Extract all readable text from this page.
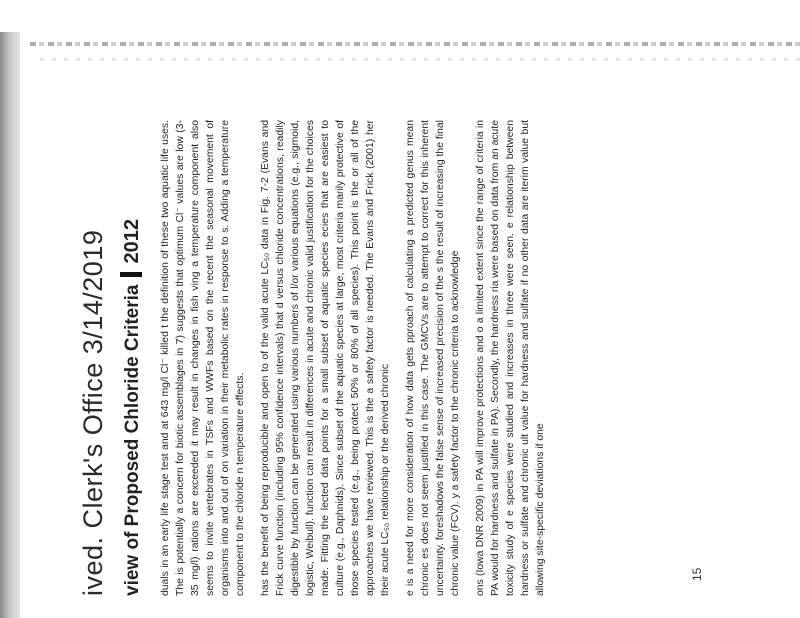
ived. Clerk's Office 3/14/2019 view of Proposed Chloride Criteria2012 duals in an early life stage test and at 643 mg/l Cl⁻ killed t the definition of these two aquatic life uses. The is potentially a concern for biotic assemblages in 7) suggests that optimum Cl⁻ values are low (3-35 mg/l) rations are exceeded it may result in changes in fish ving a temperature component also seems to invite vertebrates in TSFs and WWFs based on the recent the seasonal movement of organisms into and out of on variation in their metabolic rates in response to s. Adding a temperature component to the chloride n temperature effects. has the benefit of being reproducible and open to of the valid acute LC₅₀ data in Fig. 7-2 (Evans and Frick curve function (including 95% confidence intervals) that d versus chloride concentrations, readily digestible by function can be generated using various numbers of l/or various equations (e.g., sigmoid, logistic, Weibull). function can result in differences in acute and chronic valid justification for the choices made. Fitting the lected data points for a small subset of aquatic species ecies that are easiest to culture (e.g., Daphnids). Since subset of the aquatic species at large, most criteria marily protective of those species tested (e.g., being protect 50% or 80% of all species). This point is the or all of the approaches we have reviewed. This is the a safety factor is needed. The Evans and Frick (2001) her their acute LC₅₀ relationship or the derived chronic e is a need for more consideration of how data gets pproach of calculating a predicted genus mean chronic es does not seem justified in this case. The GMCVs are to attempt to correct for this inherent uncertainty. foreshadows the false sense of increased precision of the s the result of increasing the final chronic value (FCV). y a safety factor to the chronic criteria to acknowledge ons (Iowa DNR 2009) in PA will improve protections and o a limited extent since the range of criteria in PA would for hardness and sulfate in PA). Secondly, the hardness ria were based on data from an acute toxicity study of e species were studied and increases in three were seen. e relationship between hardness or sulfate and chronic ult value for hardness and sulfate if no other data are iterim value but allowing site-specific deviations if one	15
